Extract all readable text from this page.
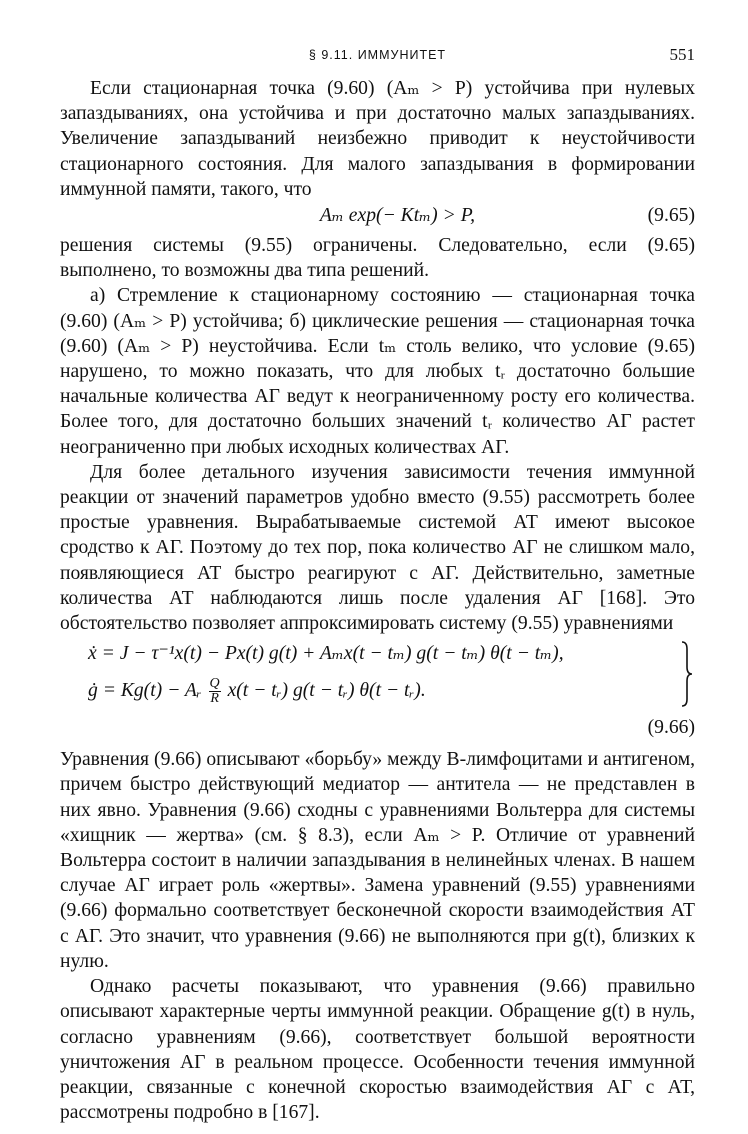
§ 9.11. ИММУНИТЕТ	551

Если стационарная точка (9.60) (Aₘ > P) устойчива при нулевых запаздываниях, она устойчива и при достаточно малых запаздываниях. Увеличение запаздываний неизбежно приводит к неустойчивости стационарного состояния. Для малого запаздывания в формировании иммунной памяти, такого, что

Aₘ exp(− Ktₘ) > P,	(9.65)

решения системы (9.55) ограничены. Следовательно, если (9.65) выполнено, то возможны два типа решений.

а) Стремление к стационарному состоянию — стационарная точка (9.60) (Aₘ > P) устойчива; б) циклические решения — стационарная точка (9.60) (Aₘ > P) неустойчива. Если tₘ столь велико, что условие (9.65) нарушено, то можно показать, что для любых tᵣ достаточно большие начальные количества АГ ведут к неограниченному росту его количества. Более того, для достаточно больших значений tᵣ количество АГ растет неограниченно при любых исходных количествах АГ.

Для более детального изучения зависимости течения иммунной реакции от значений параметров удобно вместо (9.55) рассмотреть более простые уравнения. Вырабатываемые системой АТ имеют высокое сродство к АГ. Поэтому до тех пор, пока количество АГ не слишком мало, появляющиеся АТ быстро реагируют с АГ. Действительно, заметные количества АТ наблюдаются лишь после удаления АГ [168]. Это обстоятельство позволяет аппроксимировать систему (9.55) уравнениями

ẋ = J − τ⁻¹x(t) − Px(t) g(t) + Aₘx(t − tₘ) g(t − tₘ) θ(t − tₘ),
ġ = Kg(t) − Aᵣ $\frac{Q}{R} x(t$ − tᵣ) g(t − tᵣ) θ(t − tᵣ).
(9.66)

Уравнения (9.66) описывают «борьбу» между B-лимфоцитами и антигеном, причем быстро действующий медиатор — антитела — не представлен в них явно. Уравнения (9.66) сходны с уравнениями Вольтерра для системы «хищник — жертва» (см. § 8.3), если Aₘ > P. Отличие от уравнений Вольтерра состоит в наличии запаздывания в нелинейных членах. В нашем случае АГ играет роль «жертвы». Замена уравнений (9.55) уравнениями (9.66) формально соответствует бесконечной скорости взаимодействия АТ с АГ. Это значит, что уравнения (9.66) не выполняются при g(t), близких к нулю.

Однако расчеты показывают, что уравнения (9.66) правильно описывают характерные черты иммунной реакции. Обращение g(t) в нуль, согласно уравнениям (9.66), соответствует большой вероятности уничтожения АГ в реальном процессе. Особенности течения иммунной реакции, связанные с конечной скоростью взаимодействия АГ с АТ, рассмотрены подробно в [167].
